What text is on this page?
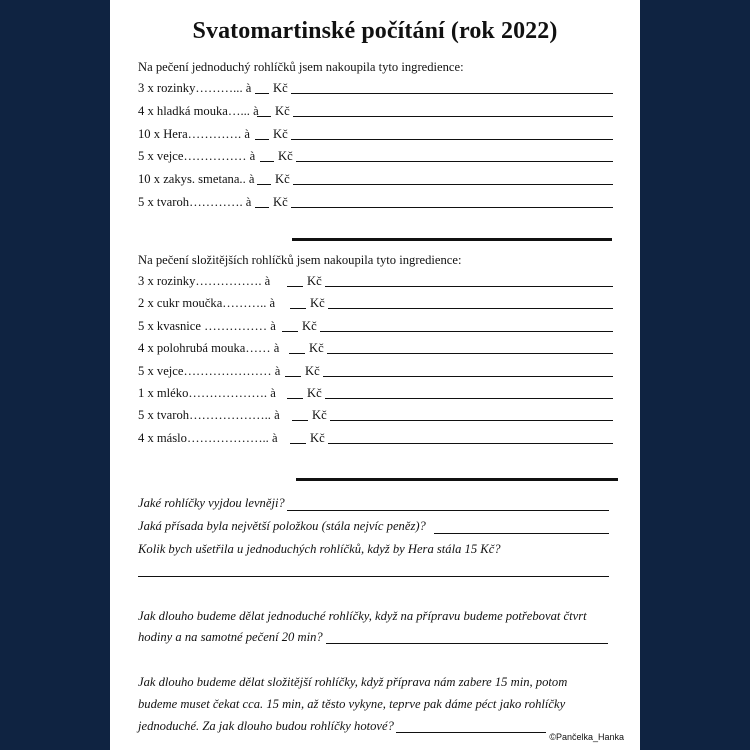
Svatomartinské počítání (rok 2022)
Na pečení jednoduchý rohlíčků jsem nakoupila tyto ingredience:
3 x rozinky………... à Kč
4 x hladká mouka…... à Kč
10 x Hera…………. à Kč
5 x vejce…………… à Kč
10 x zakys. smetana.. à Kč
5 x tvaroh…………. à Kč
Na pečení složitějších rohlíčků jsem nakoupila tyto ingredience:
3 x rozinky……………. à	Kč
2 x cukr moučka……….. à	Kč
5 x kvasnice …………… à Kč
4 x polohrubá mouka…… à Kč
5 x vejce………………… à Kč
1 x mléko………………. à Kč
5 x tvaroh……………….. à	Kč
4 x máslo……………….. à	Kč
Jaké rohlíčky vyjdou levněji?
Jaká přísada byla největší položkou (stála nejvíc peněz)?
Kolik bych ušetřila u jednoduchých rohlíčků, když by Hera stála 15 Kč?
Jak dlouho budeme dělat jednoduché rohlíčky, když na přípravu budeme potřebovat čtvrt
hodiny a na samotné pečení 20 min?
Jak dlouho budeme dělat složitější rohlíčky, když příprava nám zabere 15 min, potom
budeme muset čekat cca. 15 min, až těsto vykyne, teprve pak dáme péct jako rohlíčky
jednoduché. Za jak dlouho budou rohlíčky hotové?
©Pančelka_Hanka
